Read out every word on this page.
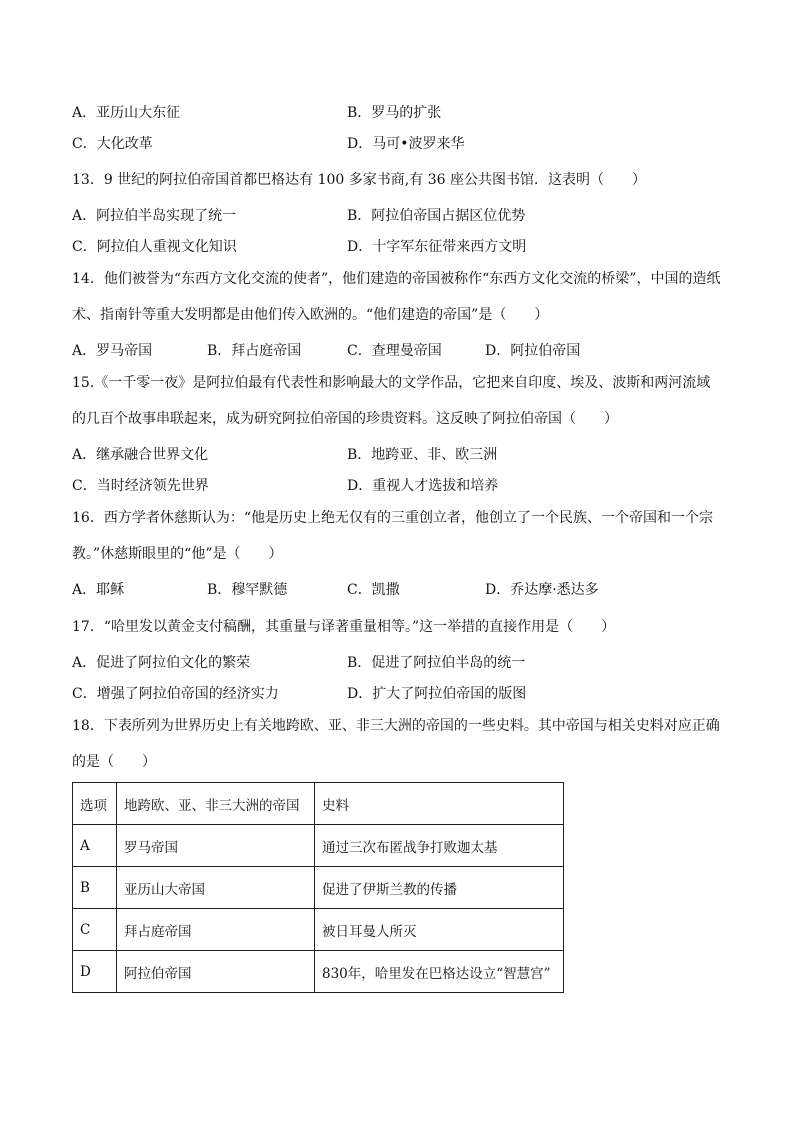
A．亚历山大东征	B．罗马的扩张
C．大化改革	D．马可•波罗来华
13．9 世纪的阿拉伯帝国首都巴格达有 100 多家书商,有 36 座公共图书馆．这表明（　　）
A．阿拉伯半岛实现了统一	B．阿拉伯帝国占据区位优势
C．阿拉伯人重视文化知识	D．十字军东征带来西方文明
14．他们被誉为“东西方文化交流的使者”，他们建造的帝国被称作“东西方文化交流的桥梁”，中国的造纸
术、指南针等重大发明都是由他们传入欧洲的。“他们建造的帝国”是（　　）
A．罗马帝国	B．拜占庭帝国	C．查理曼帝国	D．阿拉伯帝国
15.《一千零一夜》是阿拉伯最有代表性和影响最大的文学作品，它把来自印度、埃及、波斯和两河流域
的几百个故事串联起来，成为研究阿拉伯帝国的珍贵资料。这反映了阿拉伯帝国（　　）
A．继承融合世界文化	B．地跨亚、非、欧三洲
C．当时经济领先世界	D．重视人才选拔和培养
16．西方学者休慈斯认为：“他是历史上绝无仅有的三重创立者，他创立了一个民族、一个帝国和一个宗
教。”休慈斯眼里的“他”是（　　）
A．耶稣	B．穆罕默德	C．凯撒	D．乔达摩·悉达多
17．“哈里发以黄金支付稿酬，其重量与译著重量相等。”这一举措的直接作用是（　　）
A．促进了阿拉伯文化的繁荣	B．促进了阿拉伯半岛的统一
C．增强了阿拉伯帝国的经济实力	D．扩大了阿拉伯帝国的版图
18．下表所列为世界历史上有关地跨欧、亚、非三大洲的帝国的一些史料。其中帝国与相关史料对应正确
的是（　　）
选项	地跨欧、亚、非三大洲的帝国	史料
A	罗马帝国	通过三次布匿战争打败迦太基
B	亚历山大帝国	促进了伊斯兰教的传播
C	拜占庭帝国	被日耳曼人所灭
D	阿拉伯帝国	830年，哈里发在巴格达设立“智慧宫”
